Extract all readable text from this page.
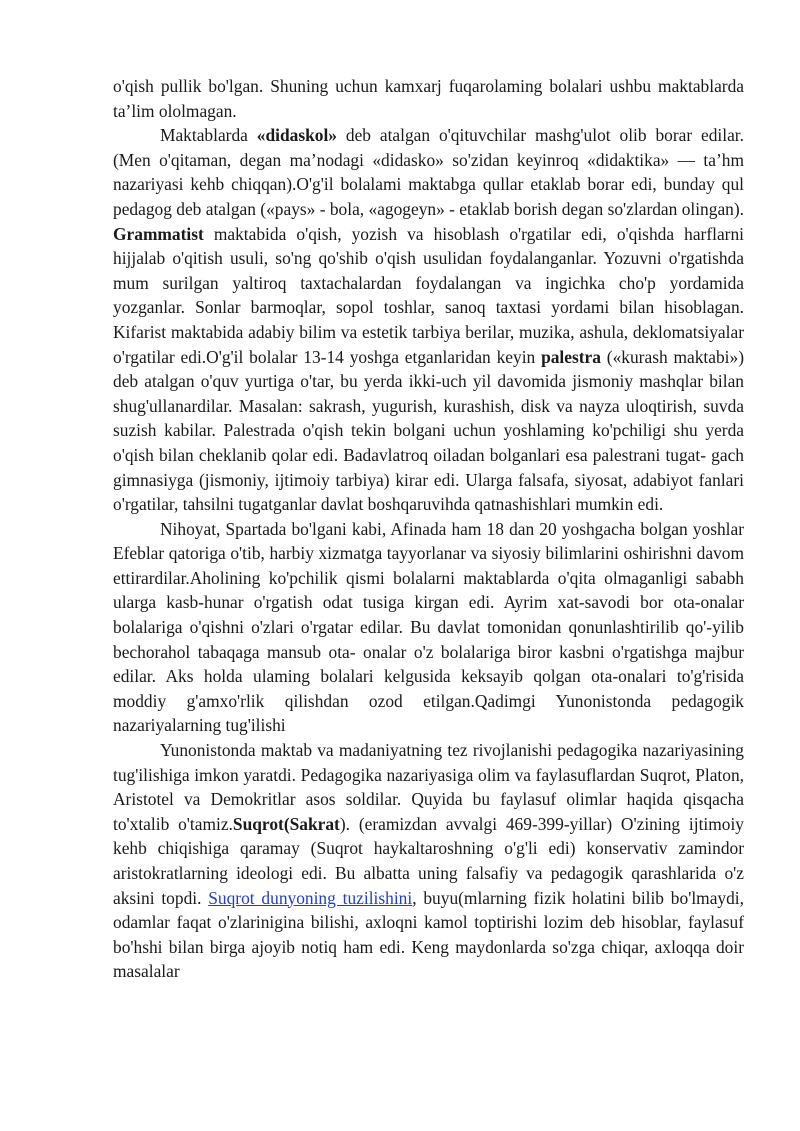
o'qish pullik bo'lgan. Shuning uchun kamxarj fuqarolaming bolalari ushbu maktablarda ta’lim ololmagan.

Maktablarda «didaskol» deb atalgan o'qituvchilar mashg'ulot olib borar edilar. (Men o'qitaman, degan ma’nodagi «didasko» so'zidan keyinroq «didaktika» — ta’hm nazariyasi kehb chiqqan).O'g'il bolalami maktabga qullar etaklab borar edi, bunday qul pedagog deb atalgan («pays» - bola, «agogeyn» - etaklab borish degan so'zlardan olingan). Grammatist maktabida o'qish, yozish va hisoblash o'rgatilar edi, o'qishda harflarni hijjalab o'qitish usuli, so'ng qo'shib o'qish usulidan foydalanganlar. Yozuvni o'rgatishda mum surilgan yaltiroq taxtachalardan foydalangan va ingichka cho'p yordamida yozganlar. Sonlar barmoqlar, sopol toshlar, sanoq taxtasi yordami bilan hisoblagan. Kifarist maktabida adabiy bilim va estetik tarbiya berilar, muzika, ashula, deklomatsiyalar o'rgatilar edi.O'g'il bolalar 13-14 yoshga etganlaridan keyin palestra («kurash maktabi») deb atalgan o'quv yurtiga o'tar, bu yerda ikki-uch yil davomida jismoniy mashqlar bilan shug'ullanardilar. Masalan: sakrash, yugurish, kurashish, disk va nayza uloqtirish, suvda suzish kabilar. Palestrada o'qish tekin bolgani uchun yoshlaming ko'pchiligi shu yerda o'qish bilan cheklanib qolar edi. Badavlatroq oiladan bolganlari esa palestrani tugat- gach gimnasiyga (jismoniy, ijtimoiy tarbiya) kirar edi. Ularga falsafa, siyosat, adabiyot fanlari o'rgatilar, tahsilni tugatganlar davlat boshqaruvihda qatnashishlari mumkin edi.

Nihoyat, Spartada bo'lgani kabi, Afinada ham 18 dan 20 yoshgacha bolgan yoshlar Efeblar qatoriga o'tib, harbiy xizmatga tayyorlanar va siyosiy bilimlarini oshirishni davom ettirardilar.Aholining ko'pchilik qismi bolalarni maktablarda o'qita olmaganligi sababh ularga kasb-hunar o'rgatish odat tusiga kirgan edi. Ayrim xat-savodi bor ota-onalar bolalariga o'qishni o'zlari o'rgatar edilar. Bu davlat tomonidan qonunlashtirilib qo'-yilib bechorahol tabaqaga mansub ota- onalar o'z bolalariga biror kasbni o'rgatishga majbur edilar. Aks holda ulaming bolalari kelgusida keksayib qolgan ota-onalari to'g'risida moddiy g'amxo'rlik qilishdan ozod etilgan.Qadimgi Yunonistonda pedagogik nazariyalarning tug'ilishi

Yunonistonda maktab va madaniyatning tez rivojlanishi pedagogika nazariyasining tug'ilishiga imkon yaratdi. Pedagogika nazariyasiga olim va faylasuflardan Suqrot, Platon, Aristotel va Demokritlar asos soldilar. Quyida bu faylasuf olimlar haqida qisqacha to'xtalib o'tamiz.Suqrot(Sakrat). (eramizdan avvalgi 469-399-yillar) O'zining ijtimoiy kehb chiqishiga qaramay (Suqrot haykaltaroshning o'g'li edi) konservativ zamindor aristokratlarning ideologi edi. Bu albatta uning falsafiy va pedagogik qarashlarida o'z aksini topdi. Suqrot dunyoning tuzilishini, buyu(mlarning fizik holatini bilib bo'lmaydi, odamlar faqat o'zlarinigina bilishi, axloqni kamol toptirishi lozim deb hisoblar, faylasuf bo'hshi bilan birga ajoyib notiq ham edi. Keng maydonlarda so'zga chiqar, axloqqa doir masalalar
